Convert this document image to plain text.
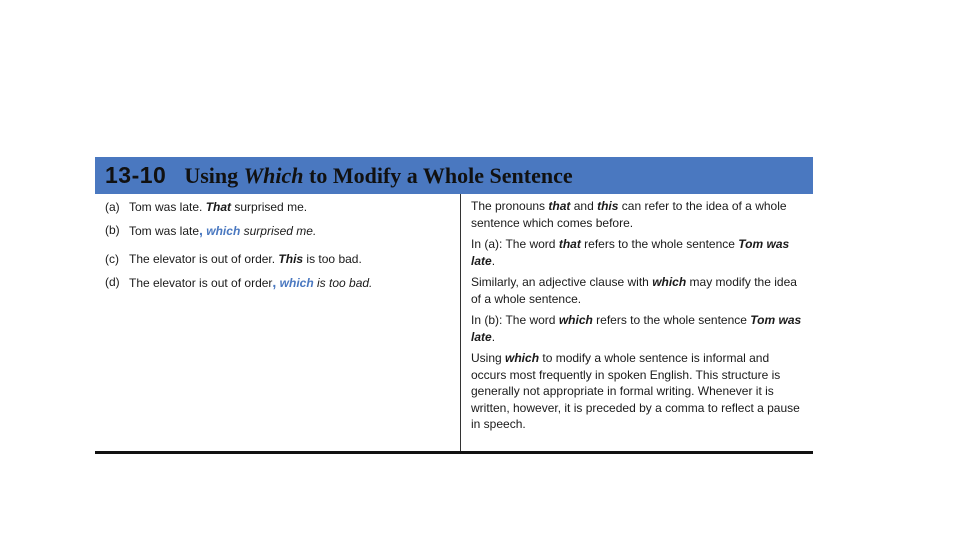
13-10 Using Which to Modify a Whole Sentence
(a) Tom was late. That surprised me.
(b) Tom was late, which surprised me.
(c) The elevator is out of order. This is too bad.
(d) The elevator is out of order, which is too bad.

The pronouns that and this can refer to the idea of a whole sentence which comes before.

In (a): The word that refers to the whole sentence Tom was late.

Similarly, an adjective clause with which may modify the idea of a whole sentence.

In (b): The word which refers to the whole sentence Tom was late.

Using which to modify a whole sentence is informal and occurs most frequently in spoken English. This structure is generally not appropriate in formal writing. Whenever it is written, however, it is preceded by a comma to reflect a pause in speech.
